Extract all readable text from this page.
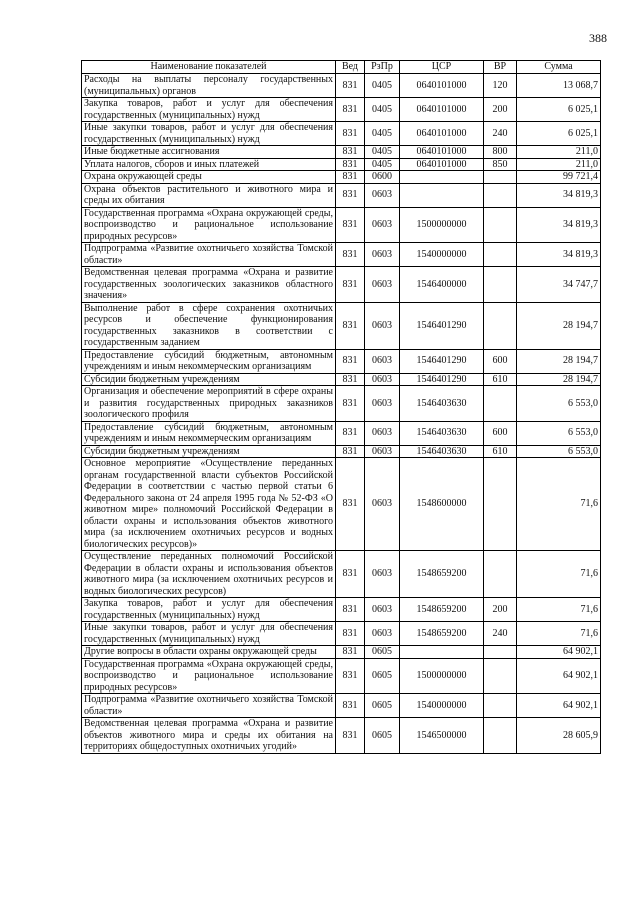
388
Наименование показателей	Вед	РзПр	ЦСР	ВР	Сумма
Расходы на выплаты персоналу государственных (муниципальных) органов	831	0405	0640101000	120	13 068,7
Закупка товаров, работ и услуг для обеспечения государственных (муниципальных) нужд	831	0405	0640101000	200	6 025,1
Иные закупки товаров, работ и услуг для обеспечения государственных (муниципальных) нужд	831	0405	0640101000	240	6 025,1
Иные бюджетные ассигнования	831	0405	0640101000	800	211,0
Уплата налогов, сборов и иных платежей	831	0405	0640101000	850	211,0
Охрана окружающей среды	831	0600			99 721,4
Охрана объектов растительного и животного мира и среды их обитания	831	0603			34 819,3
Государственная программа «Охрана окружающей среды, воспроизводство и рациональное использование природных ресурсов»	831	0603	1500000000		34 819,3
Подпрограмма «Развитие охотничьего хозяйства Томской области»	831	0603	1540000000		34 819,3
Ведомственная целевая программа «Охрана и развитие государственных зоологических заказников областного значения»	831	0603	1546400000		34 747,7
Выполнение работ в сфере сохранения охотничьих ресурсов и обеспечение функционирования государственных заказников в соответствии с государственным заданием	831	0603	1546401290		28 194,7
Предоставление субсидий бюджетным, автономным учреждениям и иным некоммерческим организациям	831	0603	1546401290	600	28 194,7
Субсидии бюджетным учреждениям	831	0603	1546401290	610	28 194,7
Организация и обеспечение мероприятий в сфере охраны и развития государственных природных заказников зоологического профиля	831	0603	1546403630		6 553,0
Предоставление субсидий бюджетным, автономным учреждениям и иным некоммерческим организациям	831	0603	1546403630	600	6 553,0
Субсидии бюджетным учреждениям	831	0603	1546403630	610	6 553,0
Основное мероприятие «Осуществление переданных органам государственной власти субъектов Российской Федерации в соответствии с частью первой статьи 6 Федерального закона от 24 апреля 1995 года № 52-ФЗ «О животном мире» полномочий Российской Федерации в области охраны и использования объектов животного мира (за исключением охотничьих ресурсов и водных биологических ресурсов)»	831	0603	1548600000		71,6
Осуществление переданных полномочий Российской Федерации в области охраны и использования объектов животного мира (за исключением охотничьих ресурсов и водных биологических ресурсов)	831	0603	1548659200		71,6
Закупка товаров, работ и услуг для обеспечения государственных (муниципальных) нужд	831	0603	1548659200	200	71,6
Иные закупки товаров, работ и услуг для обеспечения государственных (муниципальных) нужд	831	0603	1548659200	240	71,6
Другие вопросы в области охраны окружающей среды	831	0605			64 902,1
Государственная программа «Охрана окружающей среды, воспроизводство и рациональное использование природных ресурсов»	831	0605	1500000000		64 902,1
Подпрограмма «Развитие охотничьего хозяйства Томской области»	831	0605	1540000000		64 902,1
Ведомственная целевая программа «Охрана и развитие объектов животного мира и среды их обитания на территориях общедоступных охотничьих угодий»	831	0605	1546500000		28 605,9
